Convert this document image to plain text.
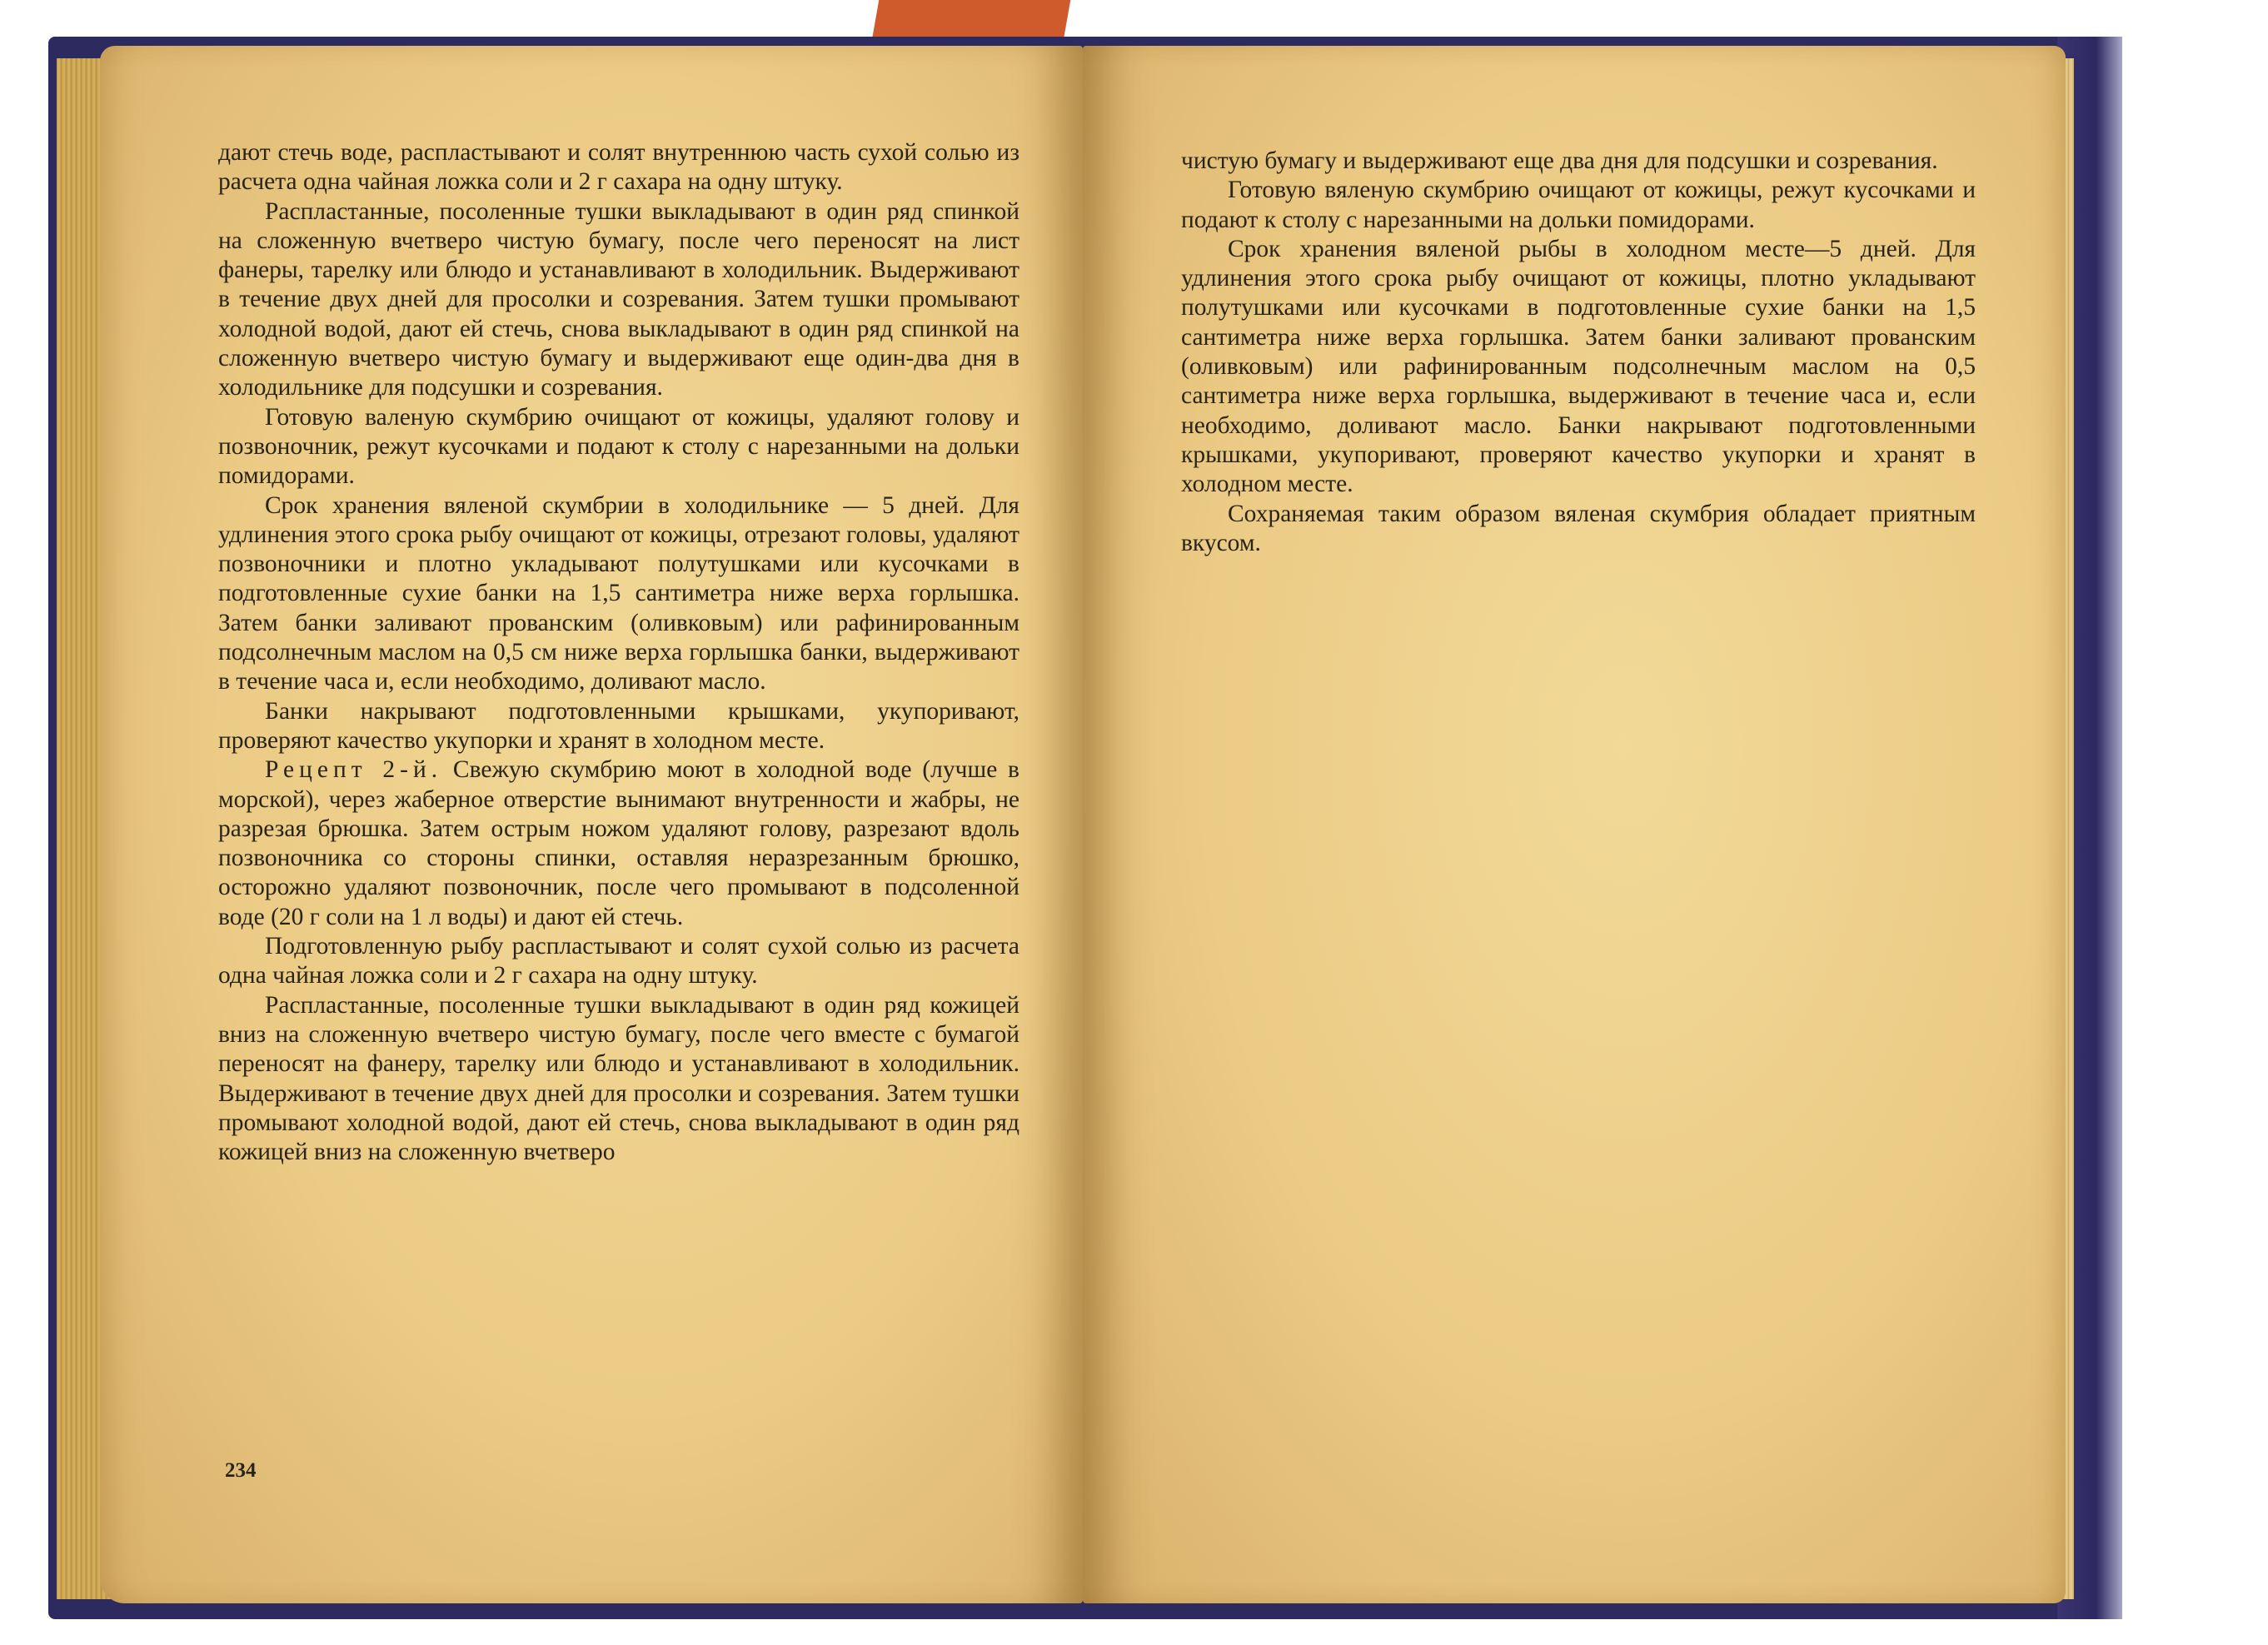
дают стечь воде, распластывают и солят внутреннюю часть сухой солью из расчета одна чайная ложка соли и 2 г сахара на одну штуку.

Распластанные, посоленные тушки выкладывают в один ряд спинкой на сложенную вчетверо чистую бумагу, после чего переносят на лист фанеры, тарелку или блюдо и устанавливают в холодильник. Выдерживают в течение двух дней для просолки и созревания. Затем тушки промывают холодной водой, дают ей стечь, снова выкладывают в один ряд спинкой на сложенную вчетверо чистую бумагу и выдерживают еще один-два дня в холодильнике для подсушки и созревания.

Готовую валеную скумбрию очищают от кожицы, удаляют голову и позвоночник, режут кусочками и подают к столу с нарезанными на дольки помидорами.

Срок хранения вяленой скумбрии в холодильнике — 5 дней. Для удлинения этого срока рыбу очищают от кожицы, отрезают головы, удаляют позвоночники и плотно укладывают полутушками или кусочками в подготовленные сухие банки на 1,5 сантиметра ниже верха горлышка. Затем банки заливают прованским (оливковым) или рафинированным подсолнечным маслом на 0,5 см ниже верха горлышка банки, выдерживают в течение часа и, если необходимо, доливают масло.

Банки накрывают подготовленными крышками, укупоривают, проверяют качество укупорки и хранят в холодном месте.

Рецепт 2-й. Свежую скумбрию моют в холодной воде (лучше в морской), через жаберное отверстие вынимают внутренности и жабры, не разрезая брюшка. Затем острым ножом удаляют голову, разрезают вдоль позвоночника со стороны спинки, оставляя неразрезанным брюшко, осторожно удаляют позвоночник, после чего промывают в подсоленной воде (20 г соли на 1 л воды) и дают ей стечь.

Подготовленную рыбу распластывают и солят сухой солью из расчета одна чайная ложка соли и 2 г сахара на одну штуку.

Распластанные, посоленные тушки выкладывают в один ряд кожицей вниз на сложенную вчетверо чистую бумагу, после чего вместе с бумагой переносят на фанеру, тарелку или блюдо и устанавливают в холодильник. Выдерживают в течение двух дней для просолки и созревания. Затем тушки промывают холодной водой, дают ей стечь, снова выкладывают в один ряд кожицей вниз на сложенную вчетверо

234

чистую бумагу и выдерживают еще два дня для подсушки и созревания.

Готовую вяленую скумбрию очищают от кожицы, режут кусочками и подают к столу с нарезанными на дольки помидорами.

Срок хранения вяленой рыбы в холодном месте—5 дней. Для удлинения этого срока рыбу очищают от кожицы, плотно укладывают полутушками или кусочками в подготовленные сухие банки на 1,5 сантиметра ниже верха горлышка. Затем банки заливают прованским (оливковым) или рафинированным подсолнечным маслом на 0,5 сантиметра ниже верха горлышка, выдерживают в течение часа и, если необходимо, доливают масло. Банки накрывают подготовленными крышками, укупоривают, проверяют качество укупорки и хранят в холодном месте.

Сохраняемая таким образом вяленая скумбрия обладает приятным вкусом.
